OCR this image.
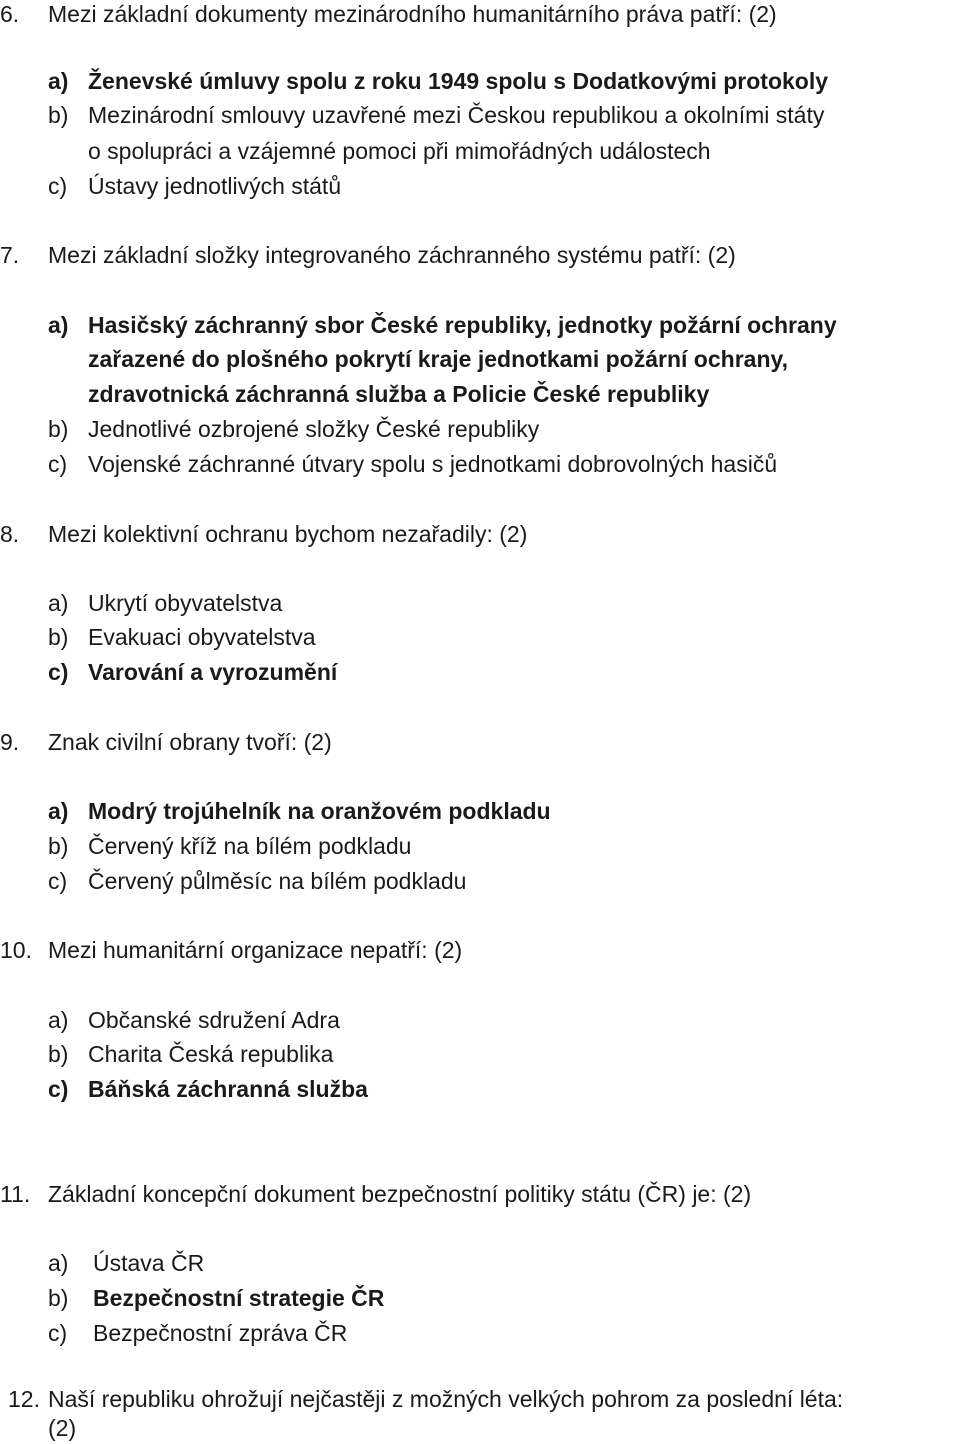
6. Mezi základní dokumenty mezinárodního humanitárního práva patří: (2)
a) Ženevské úmluvy spolu z roku 1949 spolu s Dodatkovými protokoly
b) Mezinárodní smlouvy uzavřené mezi Českou republikou a okolními státy
o spolupráci a vzájemné pomoci při mimořádných událostech
c) Ústavy jednotlivých států
7. Mezi základní složky integrovaného záchranného systému patří: (2)
a) Hasičský záchranný sbor České republiky, jednotky požární ochrany
zařazené do plošného pokrytí kraje jednotkami požární ochrany,
zdravotnická záchranná služba a Policie České republiky
b) Jednotlivé ozbrojené složky České republiky
c) Vojenské záchranné útvary spolu s jednotkami dobrovolných hasičů
8. Mezi kolektivní ochranu bychom nezařadily: (2)
a) Ukrytí obyvatelstva
b) Evakuaci obyvatelstva
c) Varování a vyrozumění
9. Znak civilní obrany tvoří: (2)
a) Modrý trojúhelník na oranžovém podkladu
b) Červený kříž na bílém podkladu
c) Červený půlměsíc na bílém podkladu
10. Mezi humanitární organizace nepatří: (2)
a) Občanské sdružení Adra
b) Charita Česká republika
c) Báňská záchranná služba
11. Základní koncepční dokument bezpečnostní politiky státu (ČR) je: (2)
a) Ústava ČR
b) Bezpečnostní strategie ČR
c) Bezpečnostní zpráva ČR
12. Naší republiku ohrožují nejčastěji z možných velkých pohrom za poslední léta:
(2)
